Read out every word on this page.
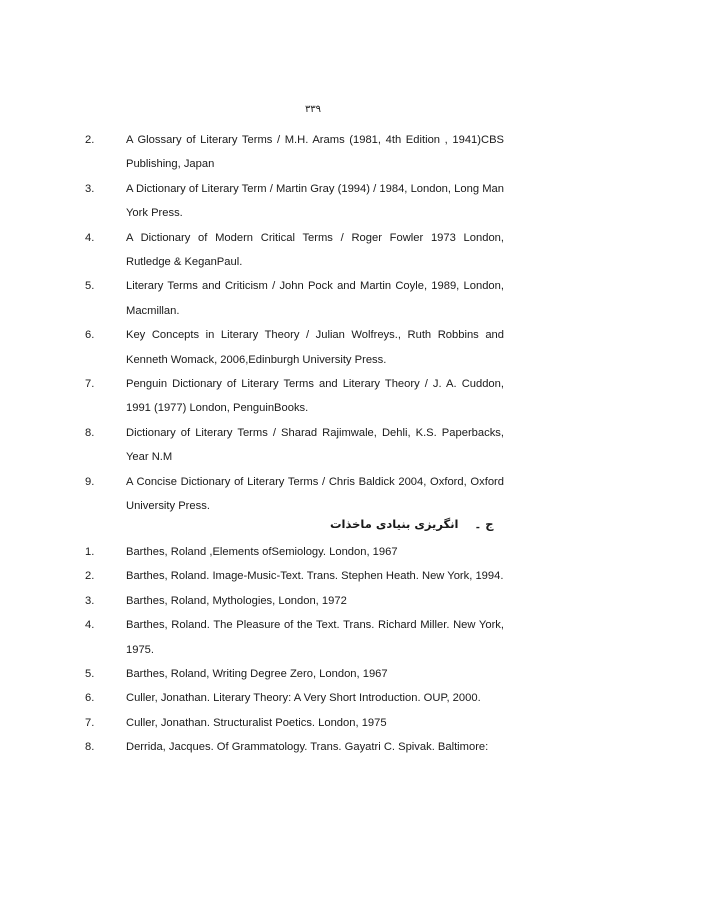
۳۳۹
2.	A Glossary of Literary Terms / M.H. Arams (1981, 4th Edition , 1941)CBS Publishing, Japan
3.	A Dictionary of Literary Term / Martin Gray (1994) / 1984, London, Long Man York Press.
4.	A Dictionary of Modern Critical Terms / Roger Fowler 1973 London, Rutledge & KeganPaul.
5.	Literary Terms and Criticism / John Pock and Martin Coyle, 1989, London, Macmillan.
6.	Key Concepts in Literary Theory / Julian Wolfreys., Ruth Robbins and Kenneth Womack, 2006,Edinburgh University Press.
7.	Penguin Dictionary of Literary Terms and Literary Theory / J. A. Cuddon, 1991 (1977) London, PenguinBooks.
8.	Dictionary of Literary Terms / Sharad Rajimwale, Dehli, K.S. Paperbacks, Year N.M
9.	A Concise Dictionary of Literary Terms / Chris Baldick 2004, Oxford, Oxford University Press.
ج ۔ انگریزی بنیادی ماخذات
1.	Barthes, Roland ,Elements ofSemiology. London, 1967
2.	Barthes, Roland. Image-Music-Text. Trans. Stephen Heath. New York, 1994.
3.	Barthes, Roland, Mythologies, London, 1972
4.	Barthes, Roland. The Pleasure of the Text. Trans. Richard Miller. New York, 1975.
5.	Barthes, Roland, Writing Degree Zero, London, 1967
6.	Culler, Jonathan. Literary Theory: A Very Short Introduction. OUP, 2000.
7.	Culler, Jonathan. Structuralist Poetics. London, 1975
8.	Derrida, Jacques. Of Grammatology. Trans. Gayatri C. Spivak. Baltimore:
